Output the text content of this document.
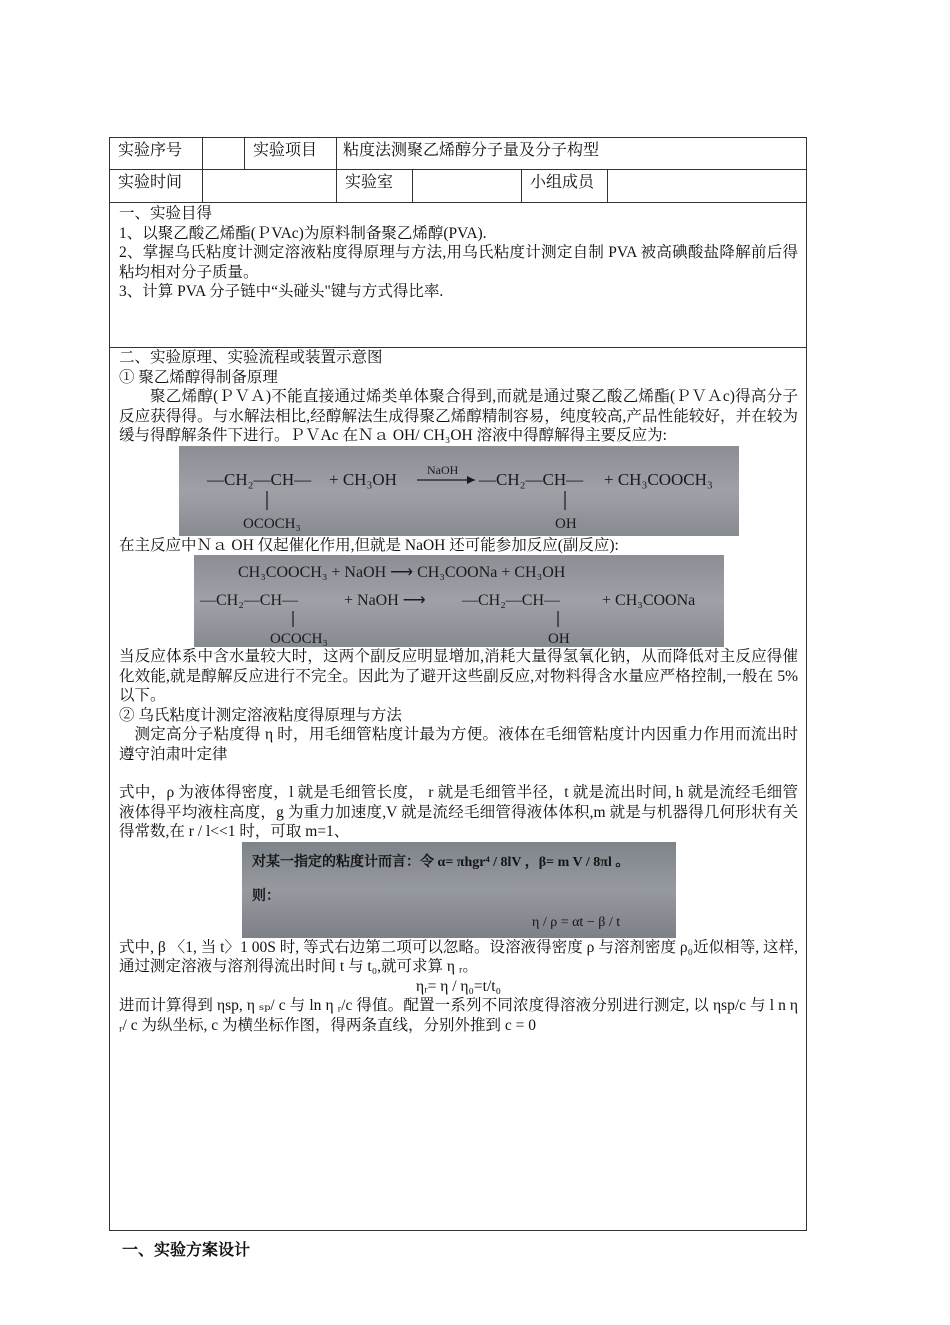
实验序号	实验项目	粘度法测聚乙烯醇分子量及分子构型
实验时间	实验室	小组成员

一、实验目得

1、以聚乙酸乙烯酯(ＰVAc)为原料制备聚乙烯醇(PVA).

2、掌握乌氏粘度计测定溶液粘度得原理与方法,用乌氏粘度计测定自制 PVA 被高碘酸盐降解前后得粘均相对分子质量。

3、计算 PVA 分子链中“头碰头"键与方式得比率.

二、实验原理、实验流程或装置示意图

① 聚乙烯醇得制备原理

聚乙烯醇(ＰＶＡ)不能直接通过烯类单体聚合得到,而就是通过聚乙酸乙烯酯(ＰＶＡc)得高分子反应获得得。与水解法相比,经醇解法生成得聚乙烯醇精制容易，纯度较高,产品性能较好，并在较为缓与得醇解条件下进行。ＰＶAc 在Ｎａ OH/ CH₃OH 溶液中得醇解得主要反应为:

—CH₂—CH—
OCOCH₃
+ CH₃OH	NaOH —CH₂—CH—
OH
+ CH₃COOCH₃

在主反应中Ｎａ OH 仅起催化作用,但就是 NaOH 还可能参加反应(副反应):

CH₃COOCH₃ + NaOH ⟶ CH₃COONa + CH₃OH
—CH₂—CH—	+ NaOH ⟶ —CH₂—CH—	+ CH₃COONa
OCOCH₃	OH

当反应体系中含水量较大时，这两个副反应明显增加,消耗大量得氢氧化钠，从而降低对主反应得催化效能,就是醇解反应进行不完全。因此为了避开这些副反应,对物料得含水量应严格控制,一般在 5%以下。

② 乌氏粘度计测定溶液粘度得原理与方法

测定高分子粘度得 η 时，用毛细管粘度计最为方便。液体在毛细管粘度计内因重力作用而流出时遵守泊肃叶定律

式中，ρ 为液体得密度，l 就是毛细管长度， r 就是毛细管半径，t 就是流出时间, h 就是流经毛细管液体得平均液柱高度，g 为重力加速度,V 就是流经毛细管得液体体积,m 就是与机器得几何形状有关得常数,在 r / l<<1 时，可取 m=1、

对某一指定的粘度计而言：令 α= πhgr⁴ / 8lV ，β= m V / 8πl 。
则：
η / ρ = αt − β / t

式中, β 〈1, 当 t〉1 00S 时, 等式右边第二项可以忽略。设溶液得密度 ρ 与溶剂密度 ρ₀近似相等, 这样, 通过测定溶液与溶剂得流出时间 t 与 t₀,就可求算 η ᵣ。

ηᵣ= η / η₀=t/t₀

进而计算得到 ηsp, η ₛₚ/ c 与 ln η ᵣ/c 得值。配置一系列不同浓度得溶液分别进行测定, 以 ηsp/c 与 l n η ᵣ/ c 为纵坐标, c 为横坐标作图，得两条直线，分别外推到 c = 0

一、实验方案设计
